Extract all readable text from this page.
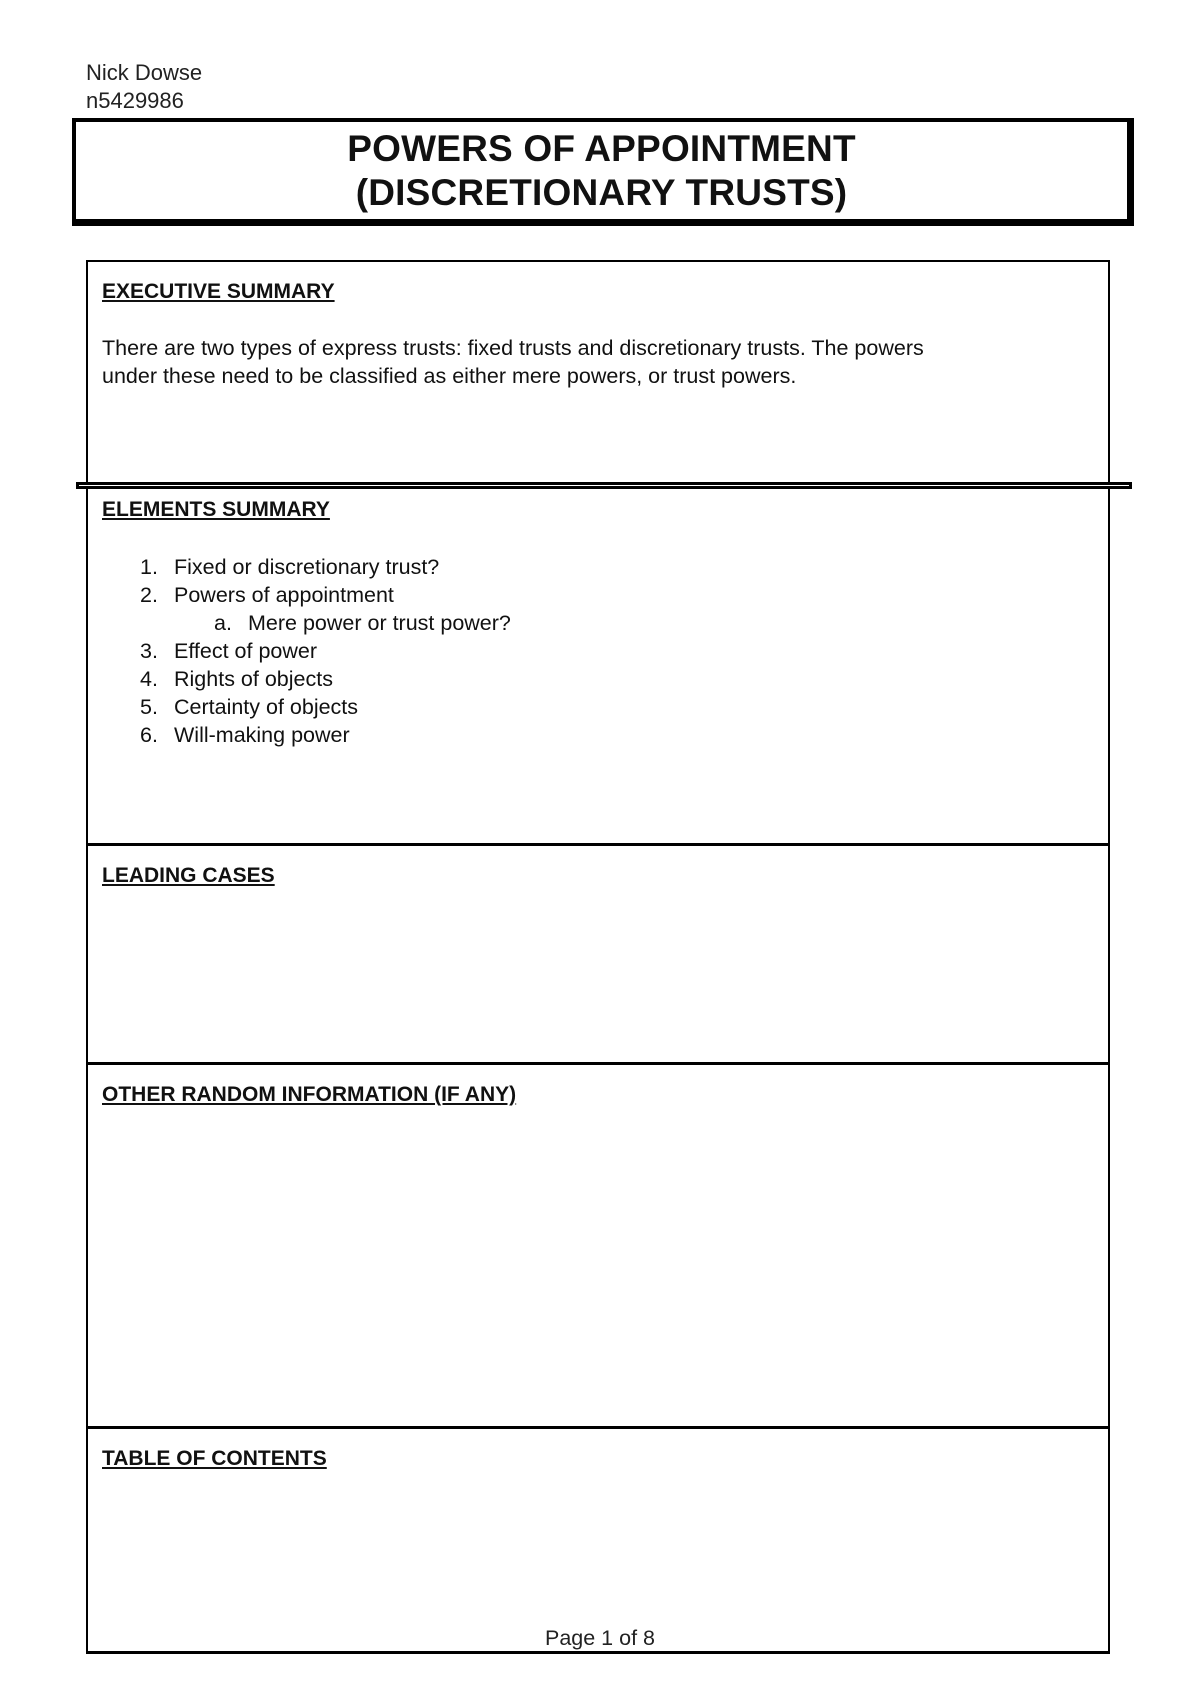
Nick Dowse
n5429986
POWERS OF APPOINTMENT
(DISCRETIONARY TRUSTS)
EXECUTIVE SUMMARY
There are two types of express trusts: fixed trusts and discretionary trusts. The powers
under these need to be classified as either mere powers, or trust powers.
ELEMENTS SUMMARY
1. Fixed or discretionary trust?
2. Powers of appointment
a. Mere power or trust power?
3. Effect of power
4. Rights of objects
5. Certainty of objects
6. Will-making power
LEADING CASES
OTHER RANDOM INFORMATION (IF ANY)
TABLE OF CONTENTS
Page 1 of 8
